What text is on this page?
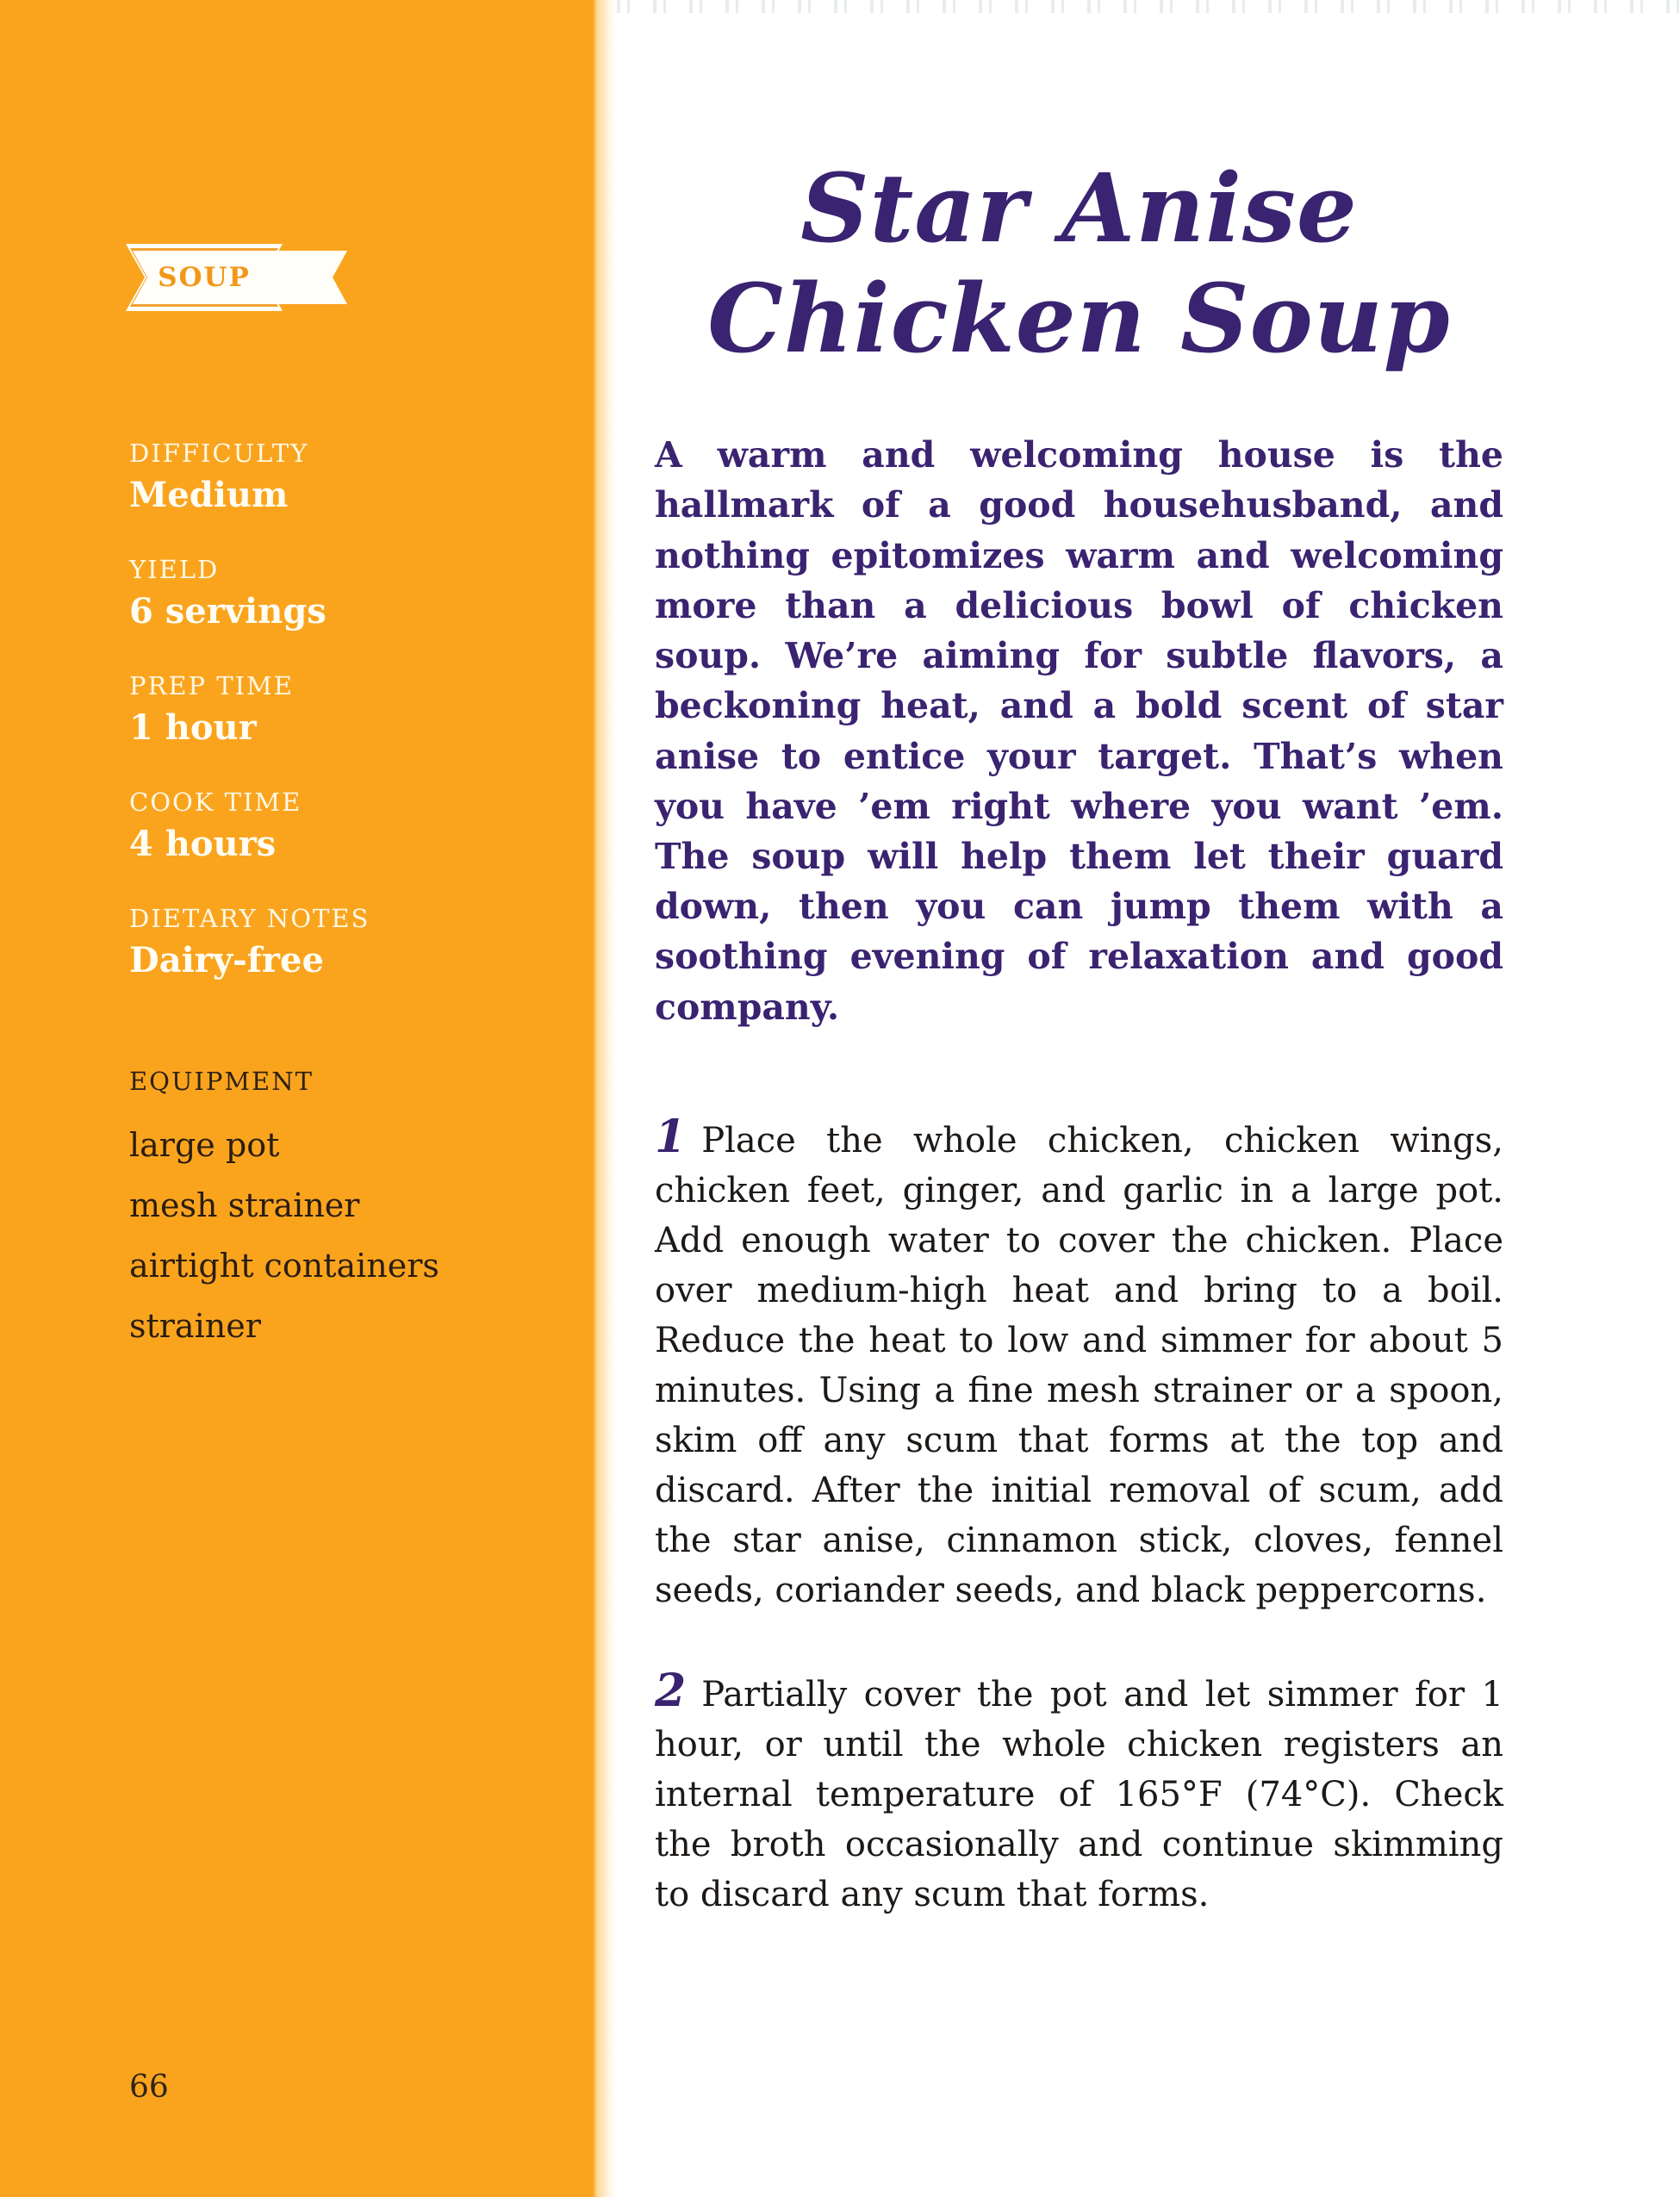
SOUP

DIFFICULTY

Medium

YIELD

6 servings

PREP TIME

1 hour

COOK TIME

4 hours

DIETARY NOTES

Dairy-free

EQUIPMENT

large pot

mesh strainer

airtight containers

strainer

66
Star Anise
Chicken Soup

A warm and welcoming house is the hallmark of a good househusband, and nothing epitomizes warm and welcoming more than a delicious bowl of chicken soup. We’re aiming for subtle flavors, a beckoning heat, and a bold scent of star anise to entice your target. That’s when you have ’em right where you want ’em. The soup will help them let their guard down, then you can jump them with a soothing evening of relaxation and good company.

1 Place the whole chicken, chicken wings, chicken feet, ginger, and garlic in a large pot. Add enough water to cover the chicken. Place over medium-high heat and bring to a boil. Reduce the heat to low and simmer for about 5 minutes. Using a fine mesh strainer or a spoon, skim off any scum that forms at the top and discard. After the initial removal of scum, add the star anise, cinnamon stick, cloves, fennel seeds, coriander seeds, and black peppercorns.

2 Partially cover the pot and let simmer for 1 hour, or until the whole chicken registers an internal temperature of 165°F (74°C). Check the broth occasionally and continue skimming to discard any scum that forms.
